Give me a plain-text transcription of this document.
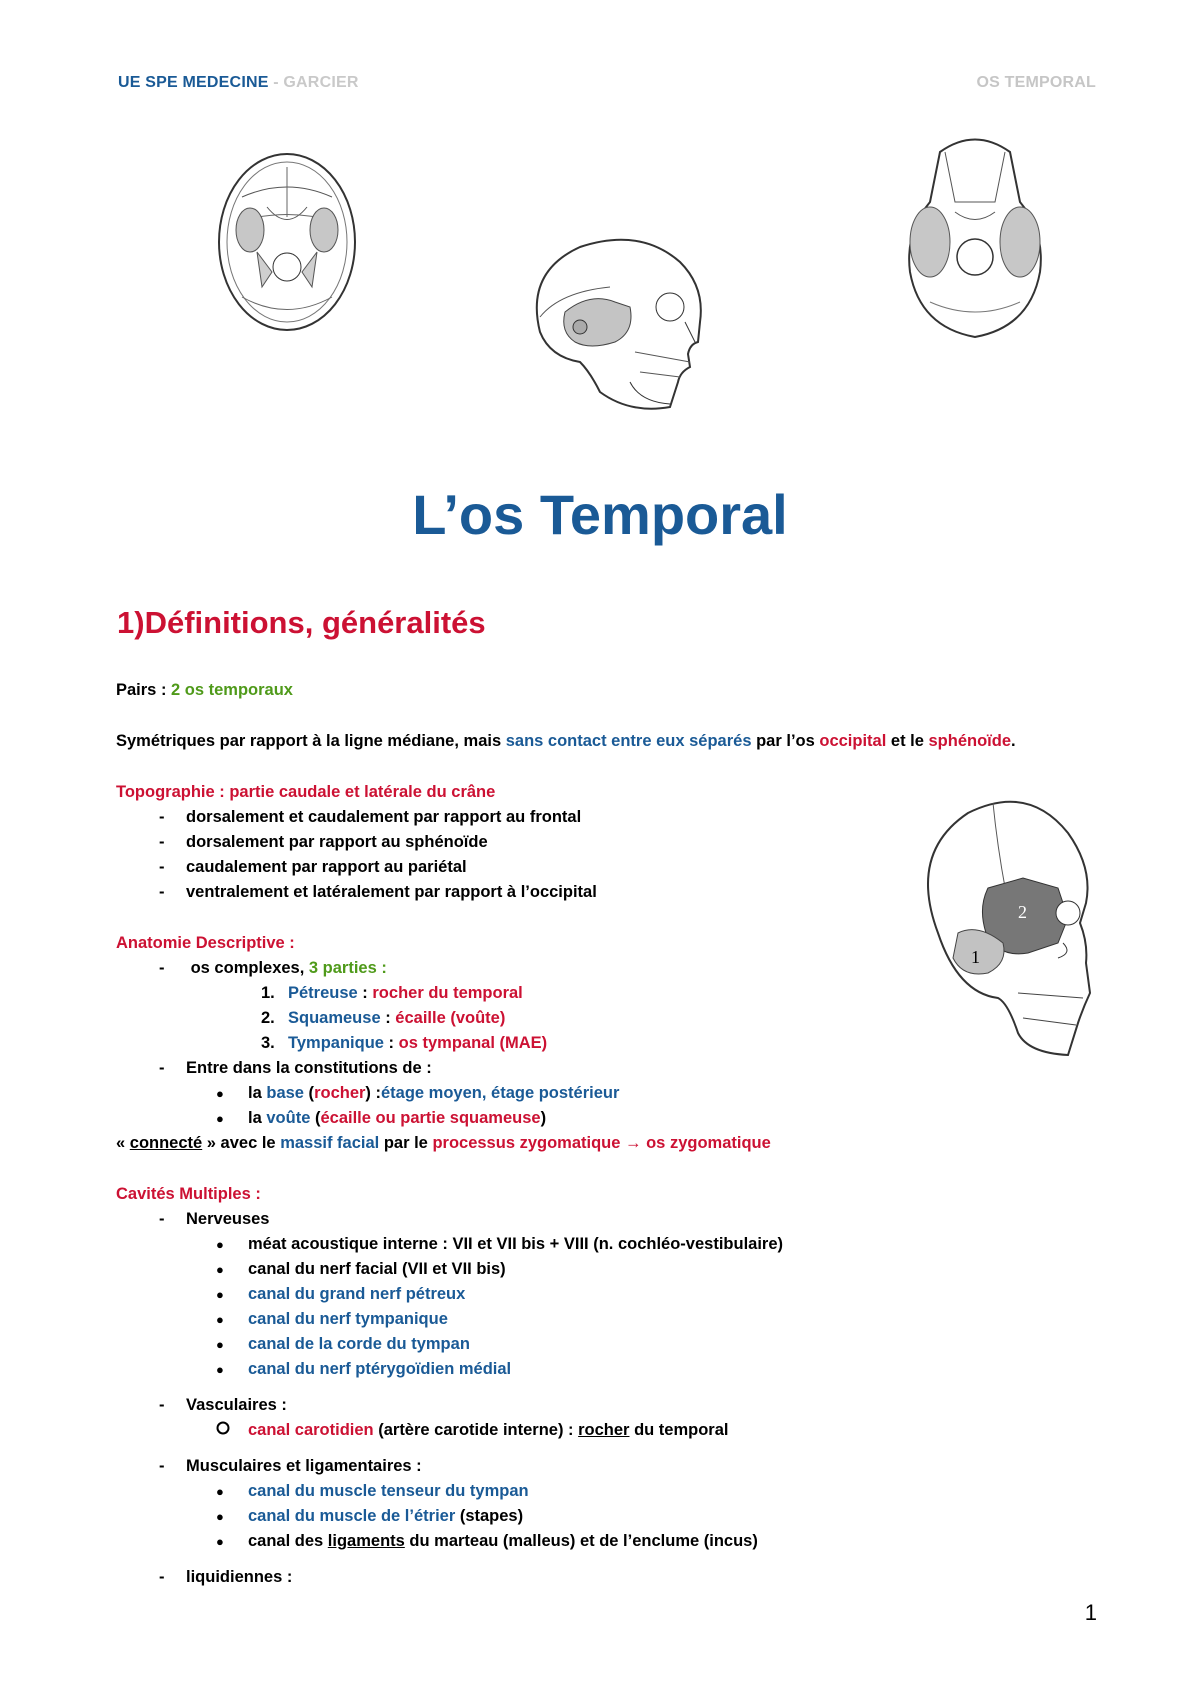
UE SPE MEDECINE - GARCIER	OS TEMPORAL
L’os Temporal
1)Définitions, généralités
2
1
Pairs : 2 os temporaux
Symétriques par rapport à la ligne médiane, mais sans contact entre eux séparés par l’os occipital et le sphénoïde.
Topographie : partie caudale et latérale du crâne
- dorsalement et caudalement par rapport au frontal
- dorsalement par rapport au sphénoïde
- caudalement par rapport au pariétal
- ventralement et latéralement par rapport à l’occipital
Anatomie Descriptive :
- os complexes, 3 parties :
1. Pétreuse : rocher du temporal
2. Squameuse : écaille (voûte)
3. Tympanique : os tympanal (MAE)
- Entre dans la constitutions de :
● la base (rocher) :étage moyen, étage postérieur
● la voûte (écaille ou partie squameuse)
« connecté » avec le massif facial par le processus zygomatique → os zygomatique
Cavités Multiples :
- Nerveuses
● méat acoustique interne : VII et VII bis + VIII (n. cochléo-vestibulaire)
● canal du nerf facial (VII et VII bis)
● canal du grand nerf pétreux
● canal du nerf tympanique
● canal de la corde du tympan
● canal du nerf ptérygoïdien médial
- Vasculaires :
canal carotidien (artère carotide interne) : rocher du temporal
- Musculaires et ligamentaires :
● canal du muscle tenseur du tympan
● canal du muscle de l’étrier (stapes)
● canal des ligaments du marteau (malleus) et de l’enclume (incus)
- liquidiennes :
1
